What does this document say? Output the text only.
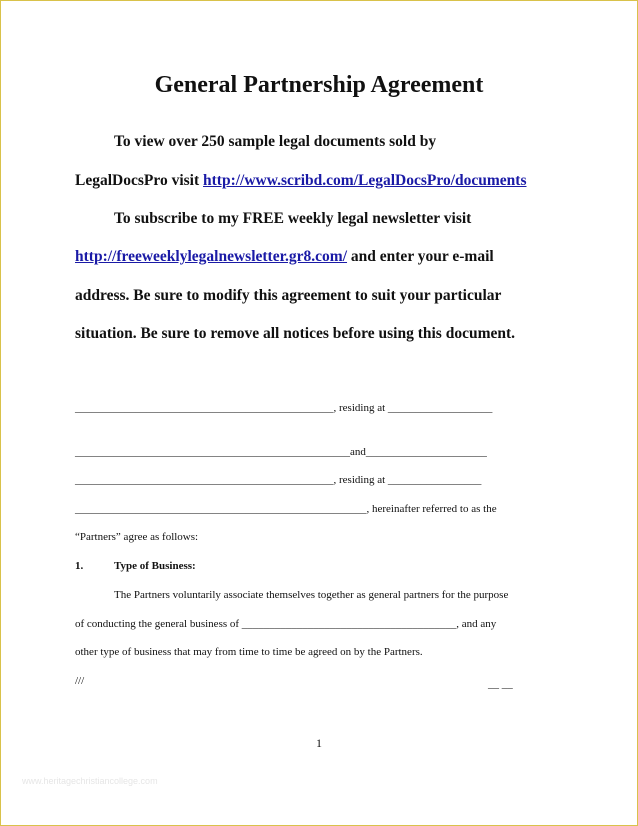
General Partnership Agreement
To view over 250 sample legal documents sold by
LegalDocsPro visit http://www.scribd.com/LegalDocsPro/documents
To subscribe to my FREE weekly legal newsletter visit
http://freeweeklylegalnewsletter.gr8.com/ and enter your e-mail
address. Be sure to modify this agreement to suit your particular
situation. Be sure to remove all notices before using this document.
_______________________________________________, residing at ___________________
__________________________________________________and______________________
_______________________________________________, residing at _________________
_____________________________________________________, hereinafter referred to as the
“Partners” agree as follows:
1.	Type of Business:
The Partners voluntarily associate themselves together as general partners for the purpose
of conducting the general business of _______________________________________, and any
other type of business that may from time to time be agreed on by the Partners.
///	__ __
1
www.heritagechristiancollege.com
